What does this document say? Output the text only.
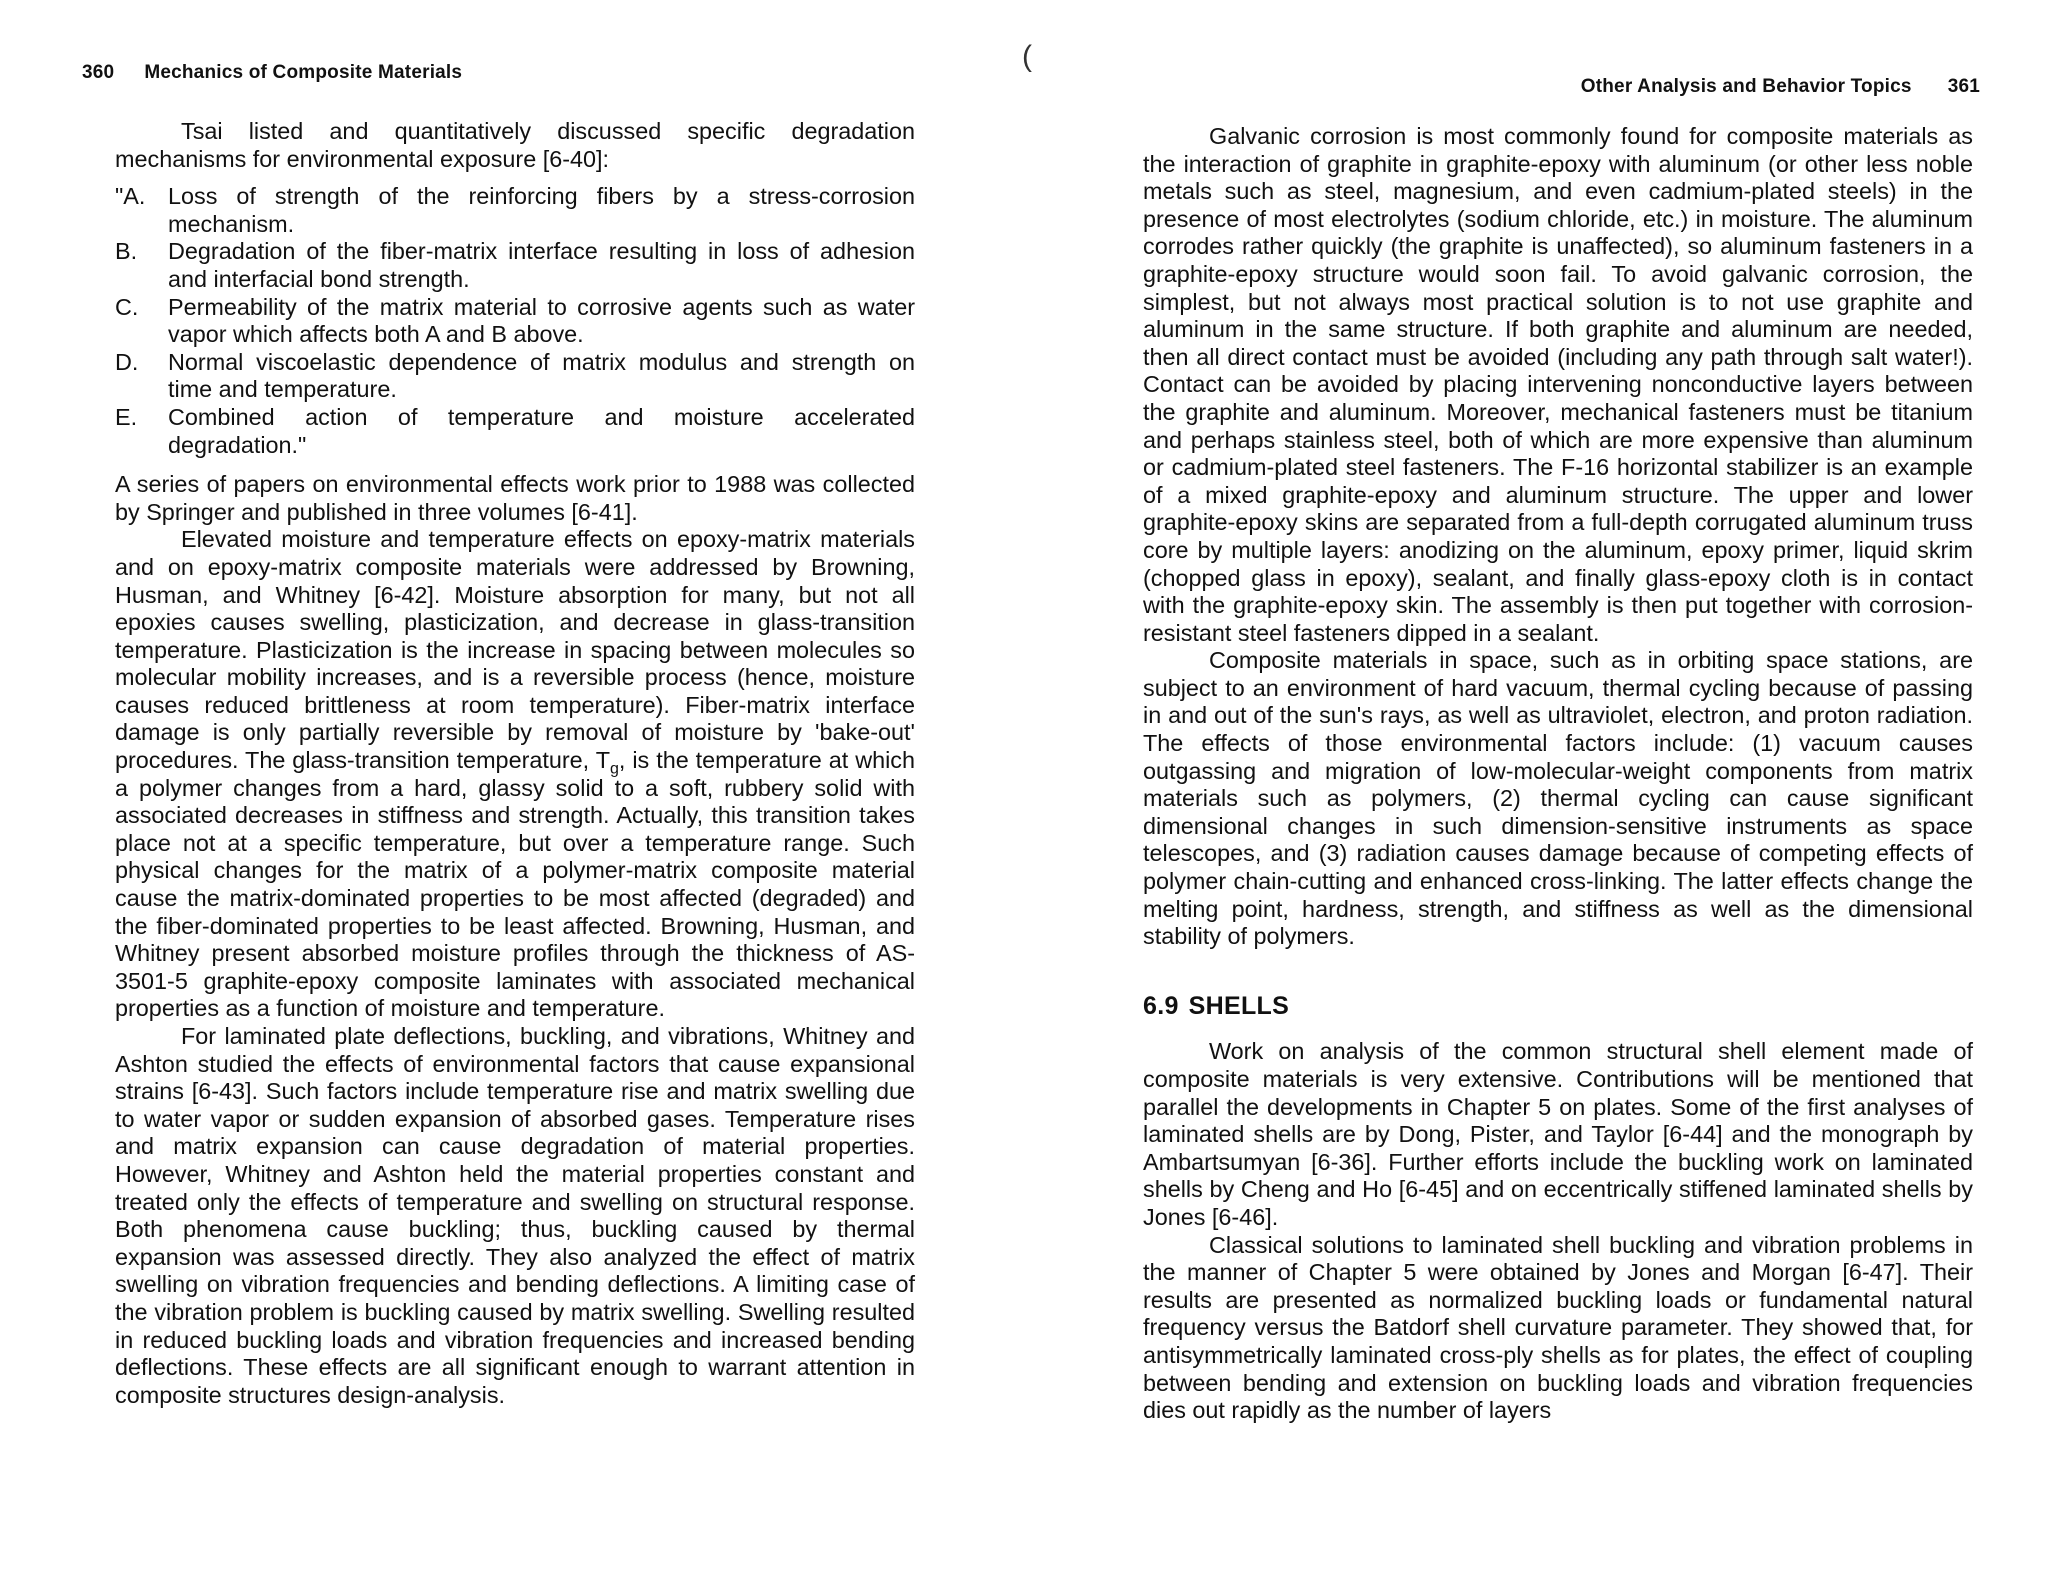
360 Mechanics of Composite Materials

Tsai listed and quantitatively discussed specific degradation mechanisms for environmental exposure [6-40]:

"A. Loss of strength of the reinforcing fibers by a stress-corrosion mechanism.
B.	Degradation of the fiber-matrix interface resulting in loss of adhesion and interfacial bond strength.
C.	Permeability of the matrix material to corrosive agents such as water vapor which affects both A and B above.
D.	Normal viscoelastic dependence of matrix modulus and strength on time and temperature.
E.	Combined action of temperature and moisture accelerated degradation."

A series of papers on environmental effects work prior to 1988 was collected by Springer and published in three volumes [6-41].

Elevated moisture and temperature effects on epoxy-matrix materials and on epoxy-matrix composite materials were addressed by Browning, Husman, and Whitney [6-42]. Moisture absorption for many, but not all epoxies causes swelling, plasticization, and decrease in glass-transition temperature. Plasticization is the increase in spacing between molecules so molecular mobility increases, and is a reversible process (hence, moisture causes reduced brittleness at room temperature). Fiber-matrix interface damage is only partially reversible by removal of moisture by 'bake-out' procedures. The glass-transition temperature, $T_g$, is the temperature at which a polymer changes from a hard, glassy solid to a soft, rubbery solid with associated decreases in stiffness and strength. Actually, this transition takes place not at a specific temperature, but over a temperature range. Such physical changes for the matrix of a polymer-matrix composite material cause the matrix-dominated properties to be most affected (degraded) and the fiber-dominated properties to be least affected. Browning, Husman, and Whitney present absorbed moisture profiles through the thickness of AS-3501-5 graphite-epoxy composite laminates with associated mechanical properties as a function of moisture and temperature.

For laminated plate deflections, buckling, and vibrations, Whitney and Ashton studied the effects of environmental factors that cause expansional strains [6-43]. Such factors include temperature rise and matrix swelling due to water vapor or sudden expansion of absorbed gases. Temperature rises and matrix expansion can cause degradation of material properties. However, Whitney and Ashton held the material properties constant and treated only the effects of temperature and swelling on structural response. Both phenomena cause buckling; thus, buckling caused by thermal expansion was assessed directly. They also analyzed the effect of matrix swelling on vibration frequencies and bending deflections. A limiting case of the vibration problem is buckling caused by matrix swelling. Swelling resulted in reduced buckling loads and vibration frequencies and increased bending deflections. These effects are all significant enough to warrant attention in composite structures design-analysis.

(
Other Analysis and Behavior Topics 361

Galvanic corrosion is most commonly found for composite materials as the interaction of graphite in graphite-epoxy with aluminum (or other less noble metals such as steel, magnesium, and even cadmium-plated steels) in the presence of most electrolytes (sodium chloride, etc.) in moisture. The aluminum corrodes rather quickly (the graphite is unaffected), so aluminum fasteners in a graphite-epoxy structure would soon fail. To avoid galvanic corrosion, the simplest, but not always most practical solution is to not use graphite and aluminum in the same structure. If both graphite and aluminum are needed, then all direct contact must be avoided (including any path through salt water!). Contact can be avoided by placing intervening nonconductive layers between the graphite and aluminum. Moreover, mechanical fasteners must be titanium and perhaps stainless steel, both of which are more expensive than aluminum or cadmium-plated steel fasteners. The F-16 horizontal stabilizer is an example of a mixed graphite-epoxy and aluminum structure. The upper and lower graphite-epoxy skins are separated from a full-depth corrugated aluminum truss core by multiple layers: anodizing on the aluminum, epoxy primer, liquid skrim (chopped glass in epoxy), sealant, and finally glass-epoxy cloth is in contact with the graphite-epoxy skin. The assembly is then put together with corrosion-resistant steel fasteners dipped in a sealant.

Composite materials in space, such as in orbiting space stations, are subject to an environment of hard vacuum, thermal cycling because of passing in and out of the sun's rays, as well as ultraviolet, electron, and proton radiation. The effects of those environmental factors include: (1) vacuum causes outgassing and migration of low-molecular-weight components from matrix materials such as polymers, (2) thermal cycling can cause significant dimensional changes in such dimension-sensitive instruments as space telescopes, and (3) radiation causes damage because of competing effects of polymer chain-cutting and enhanced cross-linking. The latter effects change the melting point, hardness, strength, and stiffness as well as the dimensional stability of polymers.

6.9 SHELLS

Work on analysis of the common structural shell element made of composite materials is very extensive. Contributions will be mentioned that parallel the developments in Chapter 5 on plates. Some of the first analyses of laminated shells are by Dong, Pister, and Taylor [6-44] and the monograph by Ambartsumyan [6-36]. Further efforts include the buckling work on laminated shells by Cheng and Ho [6-45] and on eccentrically stiffened laminated shells by Jones [6-46].

Classical solutions to laminated shell buckling and vibration problems in the manner of Chapter 5 were obtained by Jones and Morgan [6-47]. Their results are presented as normalized buckling loads or fundamental natural frequency versus the Batdorf shell curvature parameter. They showed that, for antisymmetrically laminated cross-ply shells as for plates, the effect of coupling between bending and extension on buckling loads and vibration frequencies dies out rapidly as the number of layers
